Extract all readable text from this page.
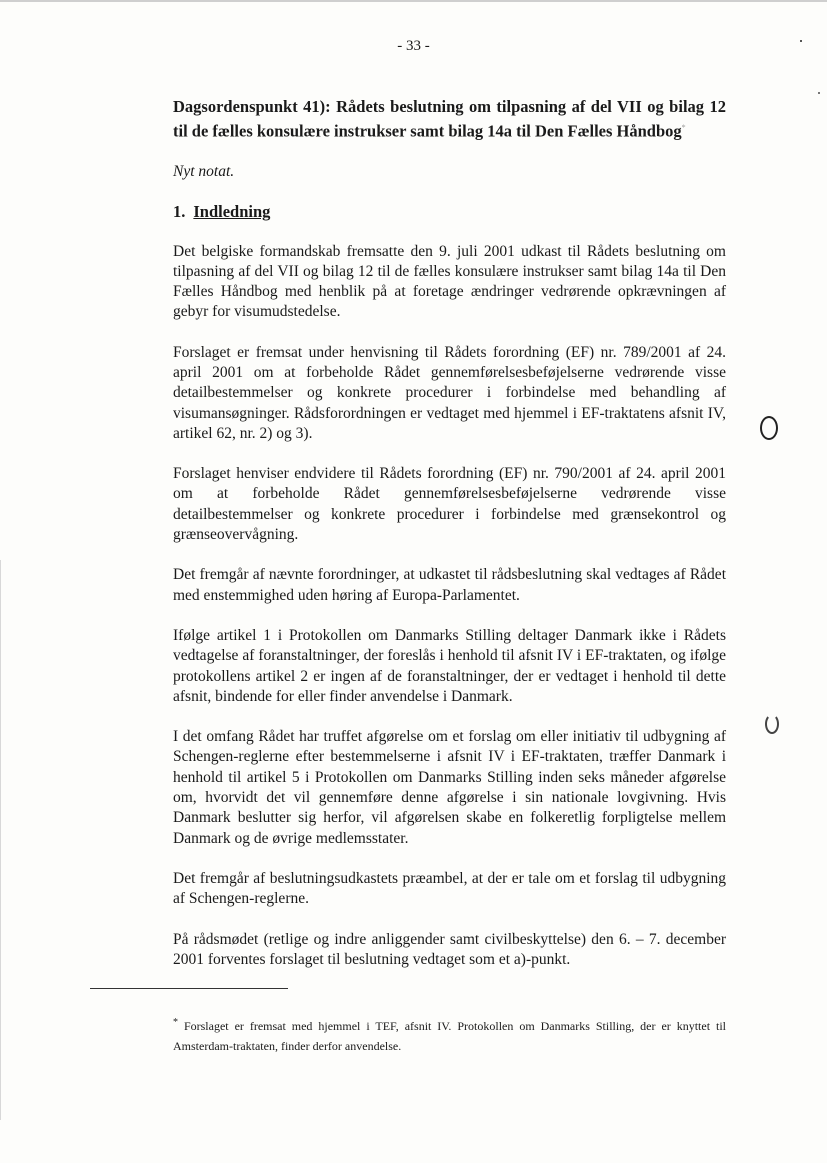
- 33 -

Dagsordenspunkt 41): Rådets beslutning om tilpasning af del VII og bilag 12 til de fælles konsulære instrukser samt bilag 14a til Den Fælles Håndbog*

Nyt notat.

1. Indledning

Det belgiske formandskab fremsatte den 9. juli 2001 udkast til Rådets beslutning om tilpasning af del VII og bilag 12 til de fælles konsulære instrukser samt bilag 14a til Den Fælles Håndbog med henblik på at foretage ændringer vedrørende opkrævningen af gebyr for visumudstedelse.

Forslaget er fremsat under henvisning til Rådets forordning (EF) nr. 789/2001 af 24. april 2001 om at forbeholde Rådet gennemførelsesbeføjelserne vedrørende visse detailbestemmelser og konkrete procedurer i forbindelse med behandling af visumansøgninger. Rådsforordningen er vedtaget med hjemmel i EF-traktatens afsnit IV, artikel 62, nr. 2) og 3).

Forslaget henviser endvidere til Rådets forordning (EF) nr. 790/2001 af 24. april 2001 om at forbeholde Rådet gennemførelsesbeføjelserne vedrørende visse detailbestemmelser og konkrete procedurer i forbindelse med grænsekontrol og grænseovervågning.

Det fremgår af nævnte forordninger, at udkastet til rådsbeslutning skal vedtages af Rådet med enstemmighed uden høring af Europa-Parlamentet.

Ifølge artikel 1 i Protokollen om Danmarks Stilling deltager Danmark ikke i Rådets vedtagelse af foranstaltninger, der foreslås i henhold til afsnit IV i EF-traktaten, og ifølge protokollens artikel 2 er ingen af de foranstaltninger, der er vedtaget i henhold til dette afsnit, bindende for eller finder anvendelse i Danmark.

I det omfang Rådet har truffet afgørelse om et forslag om eller initiativ til udbygning af Schengen-reglerne efter bestemmelserne i afsnit IV i EF-traktaten, træffer Danmark i henhold til artikel 5 i Protokollen om Danmarks Stilling inden seks måneder afgørelse om, hvorvidt det vil gennemføre denne afgørelse i sin nationale lovgivning. Hvis Danmark beslutter sig herfor, vil afgørelsen skabe en folkeretlig forpligtelse mellem Danmark og de øvrige medlemsstater.

Det fremgår af beslutningsudkastets præambel, at der er tale om et forslag til udbygning af Schengen-reglerne.

På rådsmødet (retlige og indre anliggender samt civilbeskyttelse) den 6. – 7. december 2001 forventes forslaget til beslutning vedtaget som et a)-punkt.

* Forslaget er fremsat med hjemmel i TEF, afsnit IV. Protokollen om Danmarks Stilling, der er knyttet til Amsterdam-traktaten, finder derfor anvendelse.
